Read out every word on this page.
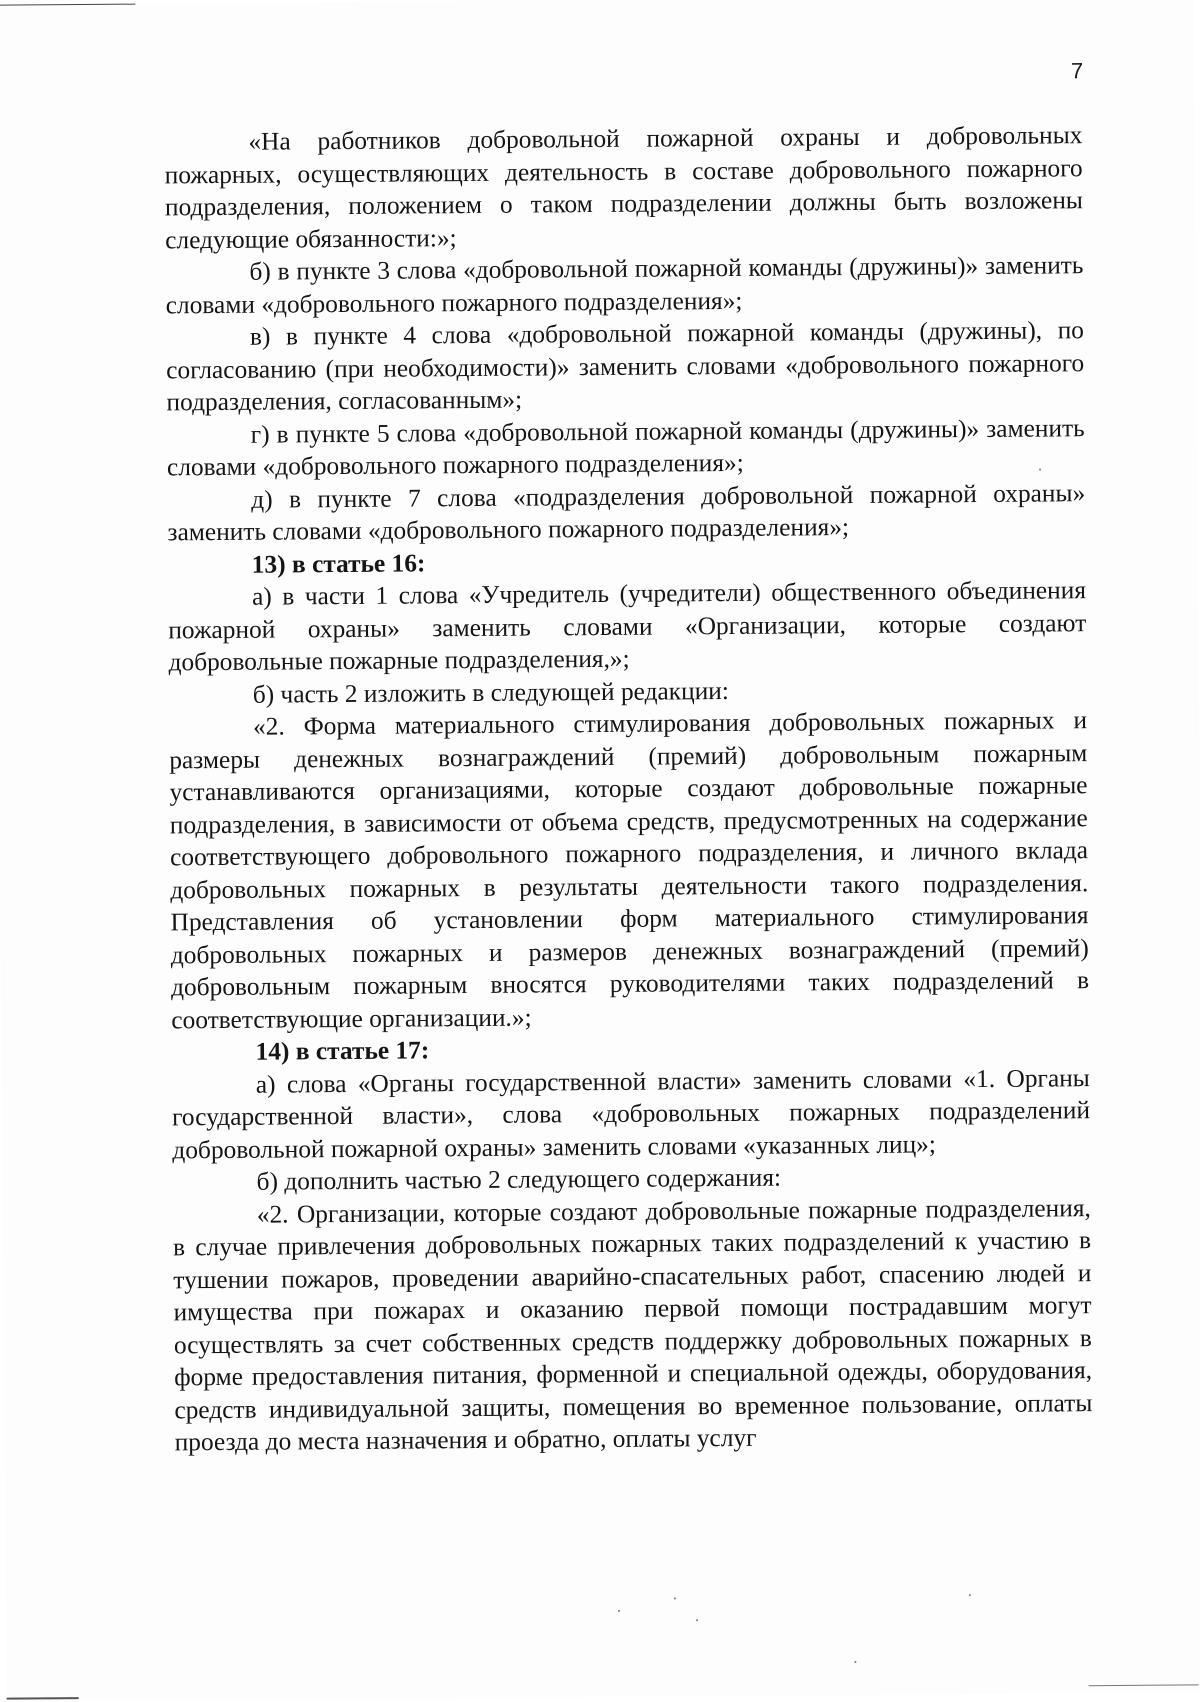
7

«На работников добровольной пожарной охраны и добровольных пожарных, осуществляющих деятельность в составе добровольного пожарного подразделения, положением о таком подразделении должны быть возложены следующие обязанности:»;

б) в пункте 3 слова «добровольной пожарной команды (дружины)» заменить словами «добровольного пожарного подразделения»;

в) в пункте 4 слова «добровольной пожарной команды (дружины), по согласованию (при необходимости)» заменить словами «добровольного пожарного подразделения, согласованным»;

г) в пункте 5 слова «добровольной пожарной команды (дружины)» заменить словами «добровольного пожарного подразделения»;

д) в пункте 7 слова «подразделения добровольной пожарной охраны» заменить словами «добровольного пожарного подразделения»;

13) в статье 16:

а) в части 1 слова «Учредитель (учредители) общественного объединения пожарной охраны» заменить словами «Организации, которые создают добровольные пожарные подразделения,»;

б) часть 2 изложить в следующей редакции:

«2. Форма материального стимулирования добровольных пожарных и размеры денежных вознаграждений (премий) добровольным пожарным устанавливаются организациями, которые создают добровольные пожарные подразделения, в зависимости от объема средств, предусмотренных на содержание соответствующего добровольного пожарного подразделения, и личного вклада добровольных пожарных в результаты деятельности такого подразделения. Представления об установлении форм материального стимулирования добровольных пожарных и размеров денежных вознаграждений (премий) добровольным пожарным вносятся руководителями таких подразделений в соответствующие организации.»;

14) в статье 17:

а) слова «Органы государственной власти» заменить словами «1. Органы государственной власти», слова «добровольных пожарных подразделений добровольной пожарной охраны» заменить словами «указанных лиц»;

б) дополнить частью 2 следующего содержания:

«2. Организации, которые создают добровольные пожарные подразделения, в случае привлечения добровольных пожарных таких подразделений к участию в тушении пожаров, проведении аварийно-спасательных работ, спасению людей и имущества при пожарах и оказанию первой помощи пострадавшим могут осуществлять за счет собственных средств поддержку добровольных пожарных в форме предоставления питания, форменной и специальной одежды, оборудования, средств индивидуальной защиты, помещения во временное пользование, оплаты проезда до места назначения и обратно, оплаты услуг
